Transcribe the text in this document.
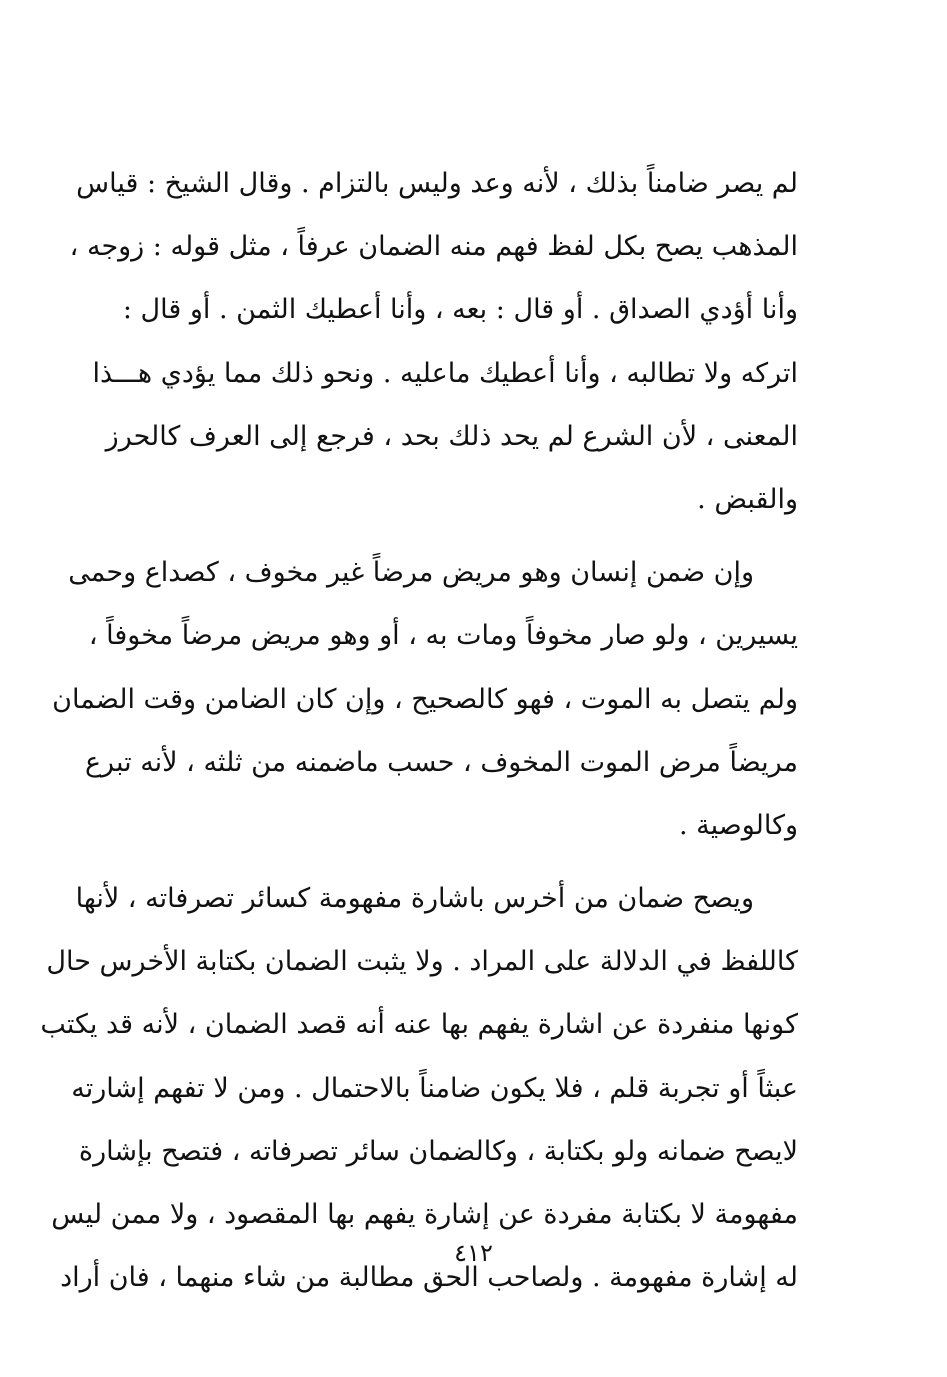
لم يصر ضامناً بذلك ، لأنه وعد وليس بالتزام . وقال الشيخ : قياس
المذهب يصح بكل لفظ فهم منه الضمان عرفاً ، مثل قوله : زوجه ،
وأنا أؤدي الصداق . أو قال : بعه ، وأنا أعطيك الثمن . أو قال :
اتركه ولا تطالبه ، وأنا أعطيك ماعليه . ونحو ذلك مما يؤدي هـــذا
المعنى ، لأن الشرع لم يحد ذلك بحد ، فرجع إلى العرف كالحرز
والقبض .
وإن ضمن إنسان وهو مريض مرضاً غير مخوف ، كصداع وحمى
يسيرين ، ولو صار مخوفاً ومات به ، أو وهو مريض مرضاً مخوفاً ،
ولم يتصل به الموت ، فهو كالصحيح ، وإن كان الضامن وقت الضمان
مريضاً مرض الموت المخوف ، حسب ماضمنه من ثلثه ، لأنه تبرع
وكالوصية .
ويصح ضمان من أخرس باشارة مفهومة كسائر تصرفاته ، لأنها
كاللفظ في الدلالة على المراد . ولا يثبت الضمان بكتابة الأخرس حال
كونها منفردة عن اشارة يفهم بها عنه أنه قصد الضمان ، لأنه قد يكتب
عبثاً أو تجربة قلم ، فلا يكون ضامناً بالاحتمال . ومن لا تفهم إشارته
لايصح ضمانه ولو بكتابة ، وكالضمان سائر تصرفاته ، فتصح بإشارة
مفهومة لا بكتابة مفردة عن إشارة يفهم بها المقصود ، ولا ممن ليس
له إشارة مفهومة . ولصاحب الحق مطالبة من شاء منهما ، فان أراد
٤١٢
